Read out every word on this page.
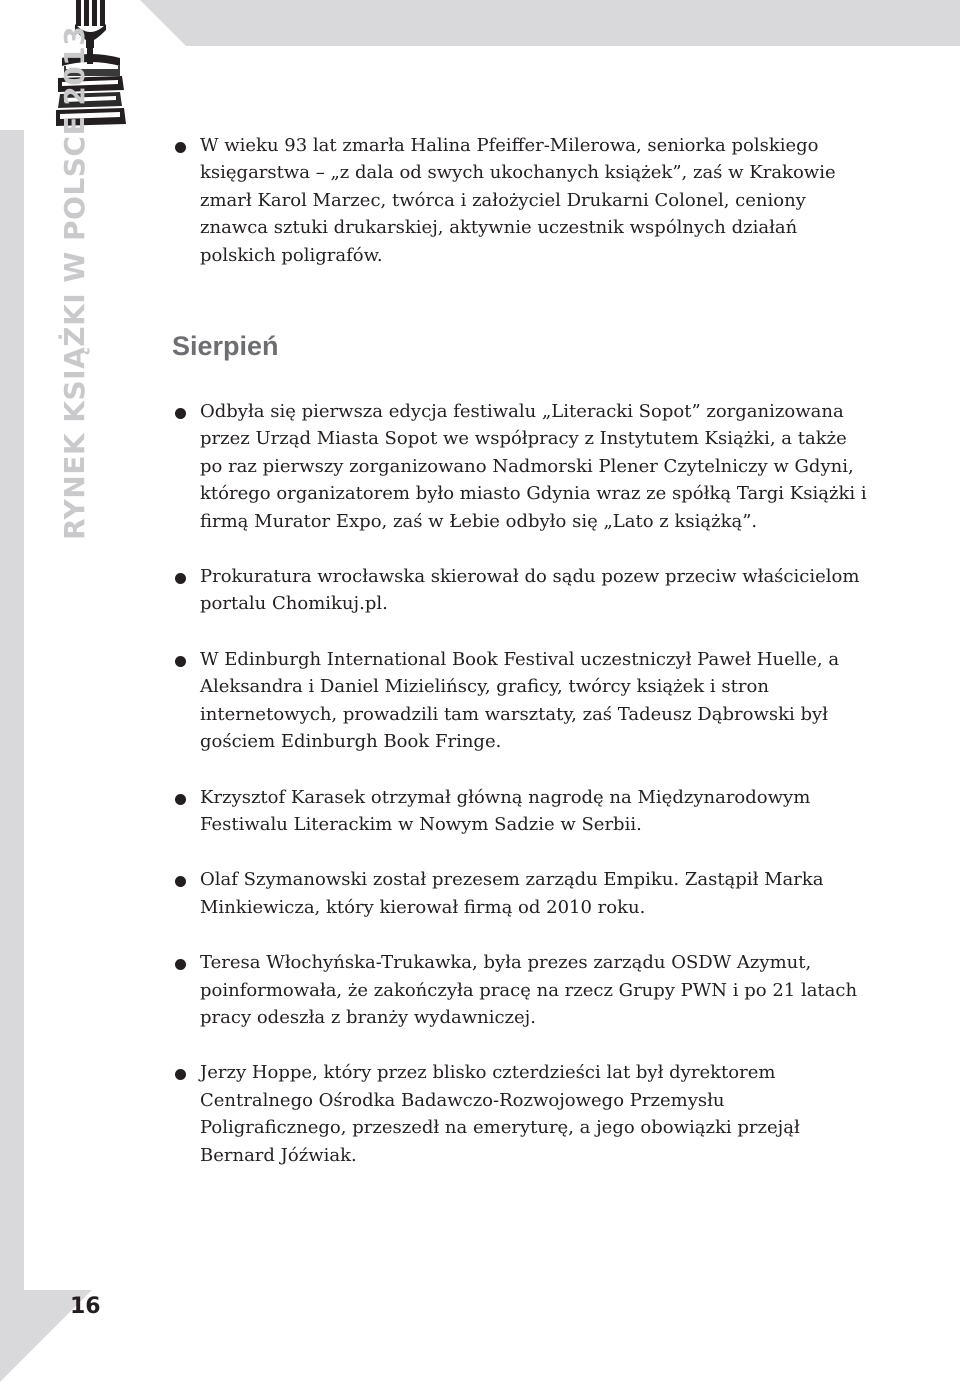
RYNEK KSIĄŻKI W POLSCE 2013
16
W wieku 93 lat zmarła Halina Pfeiffer-Milerowa, seniorka polskiego księgarstwa – „z dala od swych ukochanych książek”, zaś w Krakowie zmarł Karol Marzec, twórca i założyciel Drukarni Colonel, ceniony znawca sztuki drukarskiej, aktywnie uczestnik wspólnych działań polskich poligrafów.
Sierpień
Odbyła się pierwsza edycja festiwalu „Literacki Sopot” zorganizowana przez Urząd Miasta Sopot we współpracy z Instytutem Książki, a także po raz pierwszy zorganizowano Nadmorski Plener Czytelniczy w Gdyni, którego organizatorem było miasto Gdynia wraz ze spółką Targi Książki i firmą Murator Expo, zaś w Łebie odbyło się „Lato z książką”.
Prokuratura wrocławska skierował do sądu pozew przeciw właścicielom portalu Chomikuj.pl.
W Edinburgh International Book Festival uczestniczył Paweł Huelle, a Aleksandra i Daniel Mizielińscy, graficy, twórcy książek i stron internetowych, prowadzili tam warsztaty, zaś Tadeusz Dąbrowski był gościem Edinburgh Book Fringe.
Krzysztof Karasek otrzymał główną nagrodę na Międzynarodowym Festiwalu Literackim w Nowym Sadzie w Serbii.
Olaf Szymanowski został prezesem zarządu Empiku. Zastąpił Marka Minkiewicza, który kierował firmą od 2010 roku.
Teresa Włochyńska-Trukawka, była prezes zarządu OSDW Azymut, poinformowała, że zakończyła pracę na rzecz Grupy PWN i po 21 latach pracy odeszła z branży wydawniczej.
Jerzy Hoppe, który przez blisko czterdzieści lat był dyrektorem Centralnego Ośrodka Badawczo-Rozwojowego Przemysłu Poligraficznego, przeszedł na emeryturę, a jego obowiązki przejął Bernard Jóźwiak.
